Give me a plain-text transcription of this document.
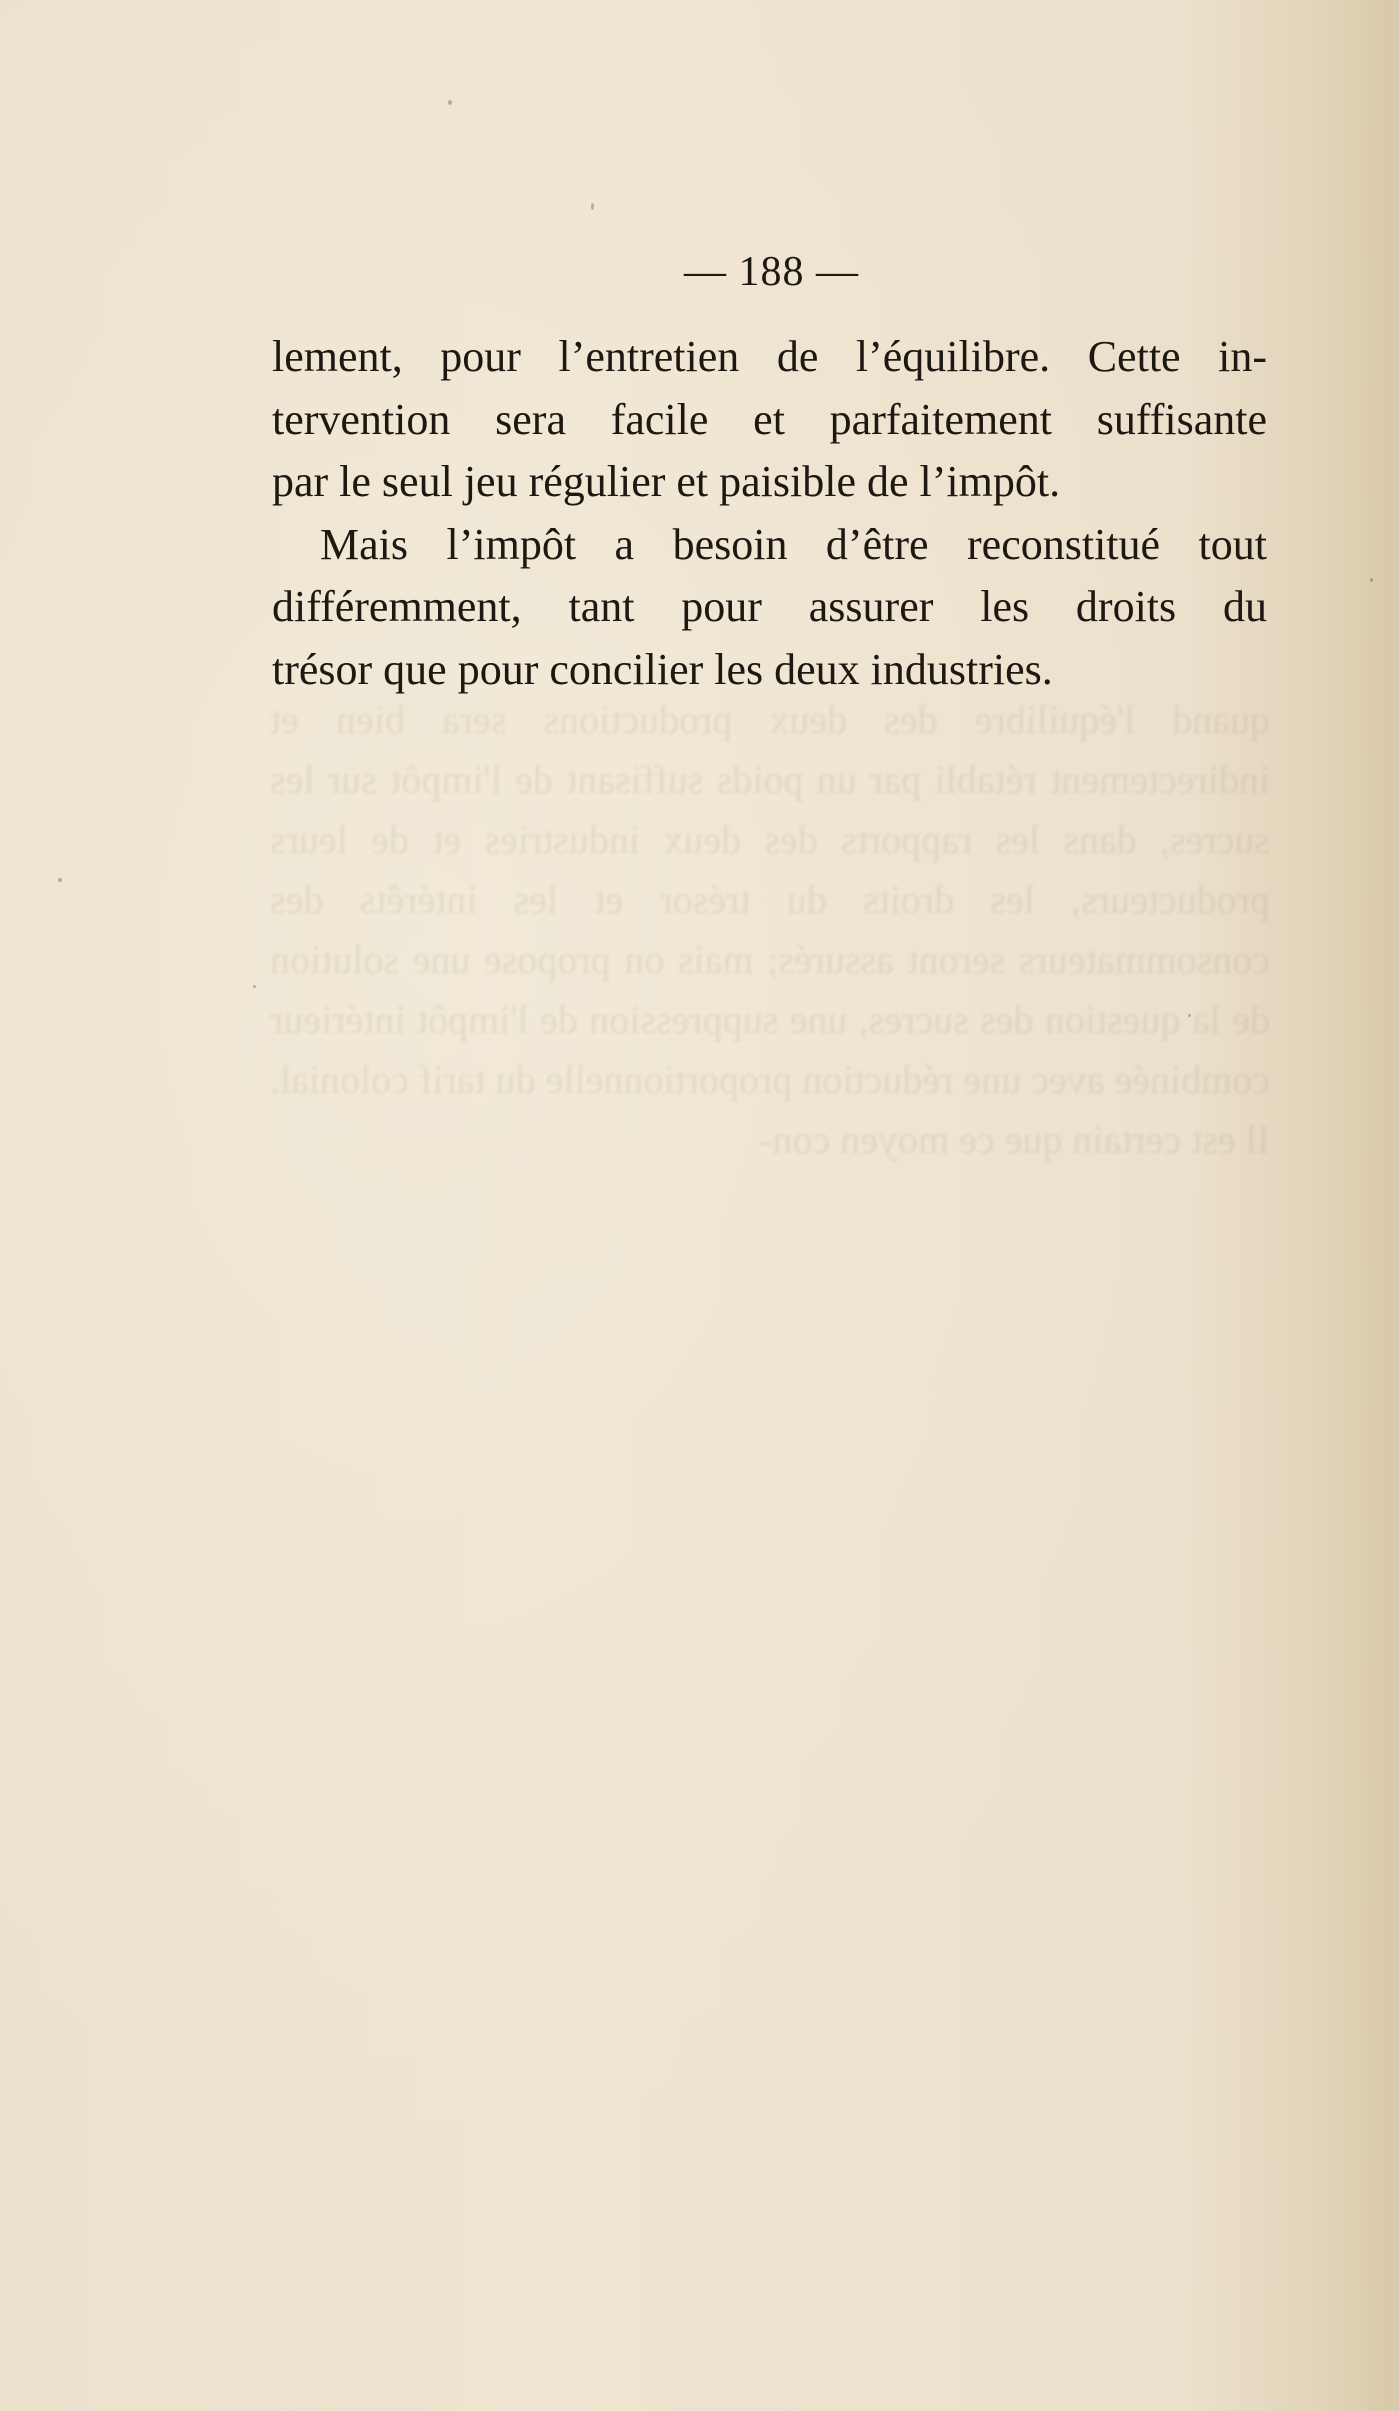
quand l'équilibre des deux productions sera bien et indirectement rétabli par un poids suffisant de l'impôt sur les sucres, dans les rapports des deux industries et de leurs producteurs, les droits du trésor et les intérêts des consommateurs seront assurés; mais on propose une solution de la question des sucres, une suppression de l'impôt intérieur combinée avec une réduction proportionnelle du tarif colonial. Il est certain que ce moyen con-
— 188 —
lement, pour l’entretien de l’équilibre. Cette in-
tervention sera facile et parfaitement suffisante
par le seul jeu régulier et paisible de l’impôt.
Mais l’impôt a besoin d’être reconstitué tout
différemment, tant pour assurer les droits du
trésor que pour concilier les deux industries.
